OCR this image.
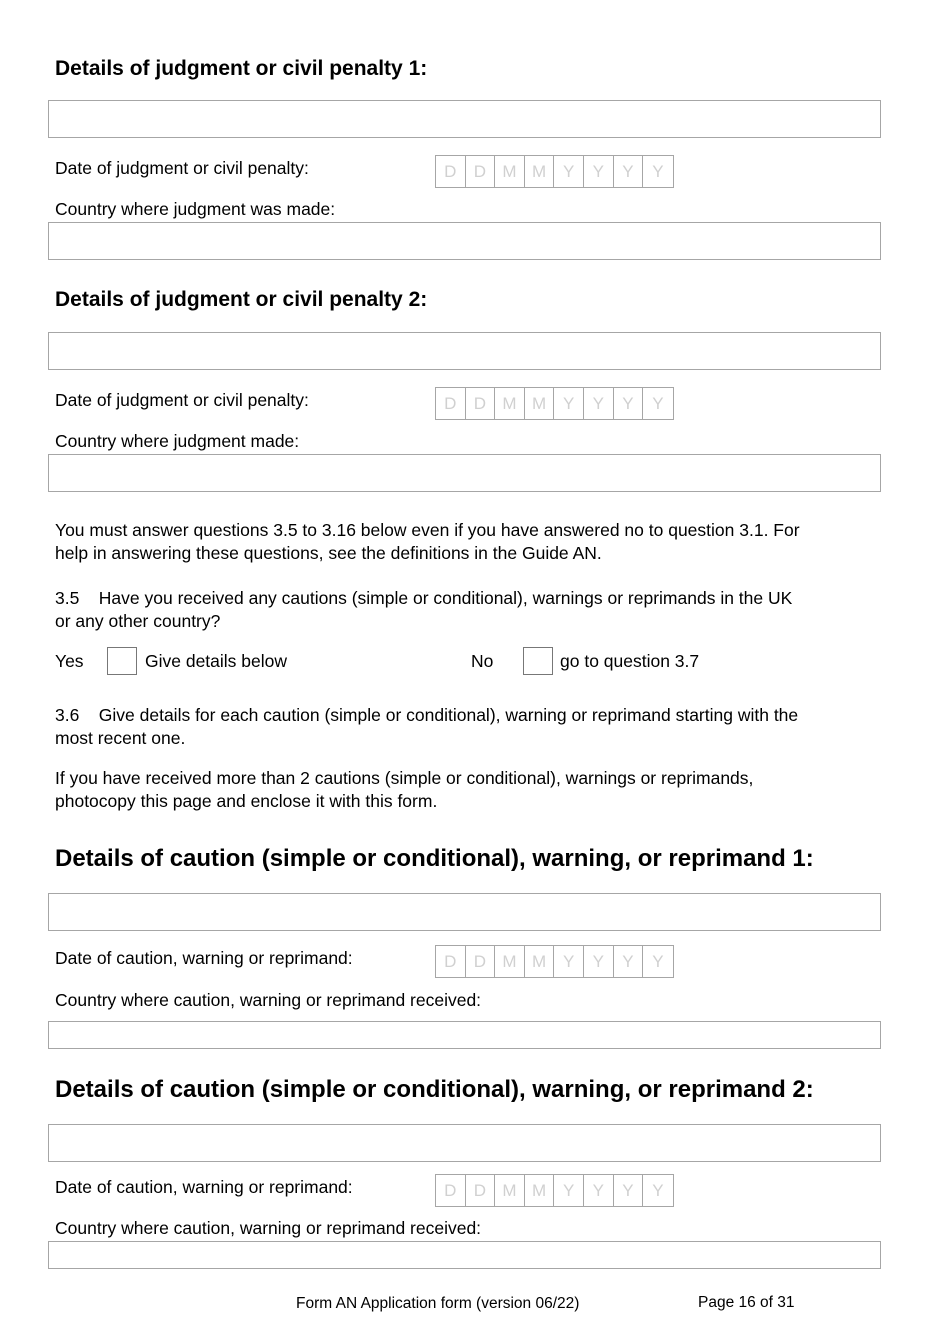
Details of judgment or civil penalty 1:
Date of judgment or civil penalty:	D	D M M Y	Y	Y	Y
Country where judgment was made:
Details of judgment or civil penalty 2:
Date of judgment or civil penalty:	D	D M M Y	Y	Y	Y
Country where judgment made:
You must answer questions 3.5 to 3.16 below even if you have answered no to question 3.1. For
help in answering these questions, see the definitions in the Guide AN.
3.5 Have you received any cautions (simple or conditional), warnings or reprimands in the UK
or any other country?
Yes	Give details below	No	go to question 3.7
3.6 Give details for each caution (simple or conditional), warning or reprimand starting with the
most recent one.
If you have received more than 2 cautions (simple or conditional), warnings or reprimands,
photocopy this page and enclose it with this form.
Details of caution (simple or conditional), warning, or reprimand 1:
Date of caution, warning or reprimand:	D	D M M Y	Y	Y	Y
Country where caution, warning or reprimand received:
Details of caution (simple or conditional), warning, or reprimand 2:
Date of caution, warning or reprimand:	D	D M M Y	Y	Y	Y
Country where caution, warning or reprimand received:
Form AN Application form (version 06/22)	Page 16 of 31
